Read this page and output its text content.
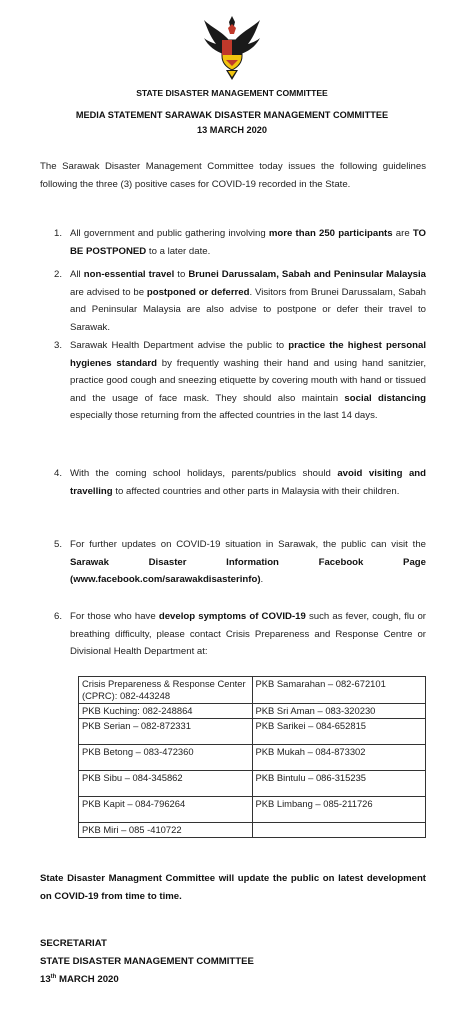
STATE DISASTER MANAGEMENT COMMITTEE
MEDIA STATEMENT SARAWAK DISASTER MANAGEMENT COMMITTEE
13 MARCH 2020
The Sarawak Disaster Management Committee today issues the following guidelines following the three (3) positive cases for COVID-19 recorded in the State.
1. All government and public gathering involving more than 250 participants are TO BE POSTPONED to a later date.
2. All non-essential travel to Brunei Darussalam, Sabah and Peninsular Malaysia are advised to be postponed or deferred. Visitors from Brunei Darussalam, Sabah and Peninsular Malaysia are also advise to postpone or defer their travel to Sarawak.
3. Sarawak Health Department advise the public to practice the highest personal hygienes standard by frequently washing their hand and using hand sanitzier, practice good cough and sneezing etiquette by covering mouth with hand or tissued and the usage of face mask. They should also maintain social distancing especially those returning from the affected countries in the last 14 days.
4. With the coming school holidays, parents/publics should avoid visiting and travelling to affected countries and other parts in Malaysia with their children.
5. For further updates on COVID-19 situation in Sarawak, the public can visit the Sarawak Disaster Information Facebook Page (www.facebook.com/sarawakdisasterinfo).
6. For those who have develop symptoms of COVID-19 such as fever, cough, flu or breathing difficulty, please contact Crisis Prepareness and Response Centre or Divisional Health Department at:
Crisis Prepareness & Response Center (CPRC): 082-443248	PKB Samarahan – 082-672101
PKB Kuching: 082-248864	PKB Sri Aman – 083-320230
PKB Serian – 082-872331	PKB Sarikei – 084-652815
PKB Betong – 083-472360	PKB Mukah – 084-873302
PKB Sibu – 084-345862	PKB Bintulu – 086-315235
PKB Kapit – 084-796264	PKB Limbang – 085-211726
PKB Miri – 085 -410722	
State Disaster Managment Committee will update the public on latest development on COVID-19 from time to time.
SECRETARIAT
STATE DISASTER MANAGEMENT COMMITTEE
13th MARCH 2020
